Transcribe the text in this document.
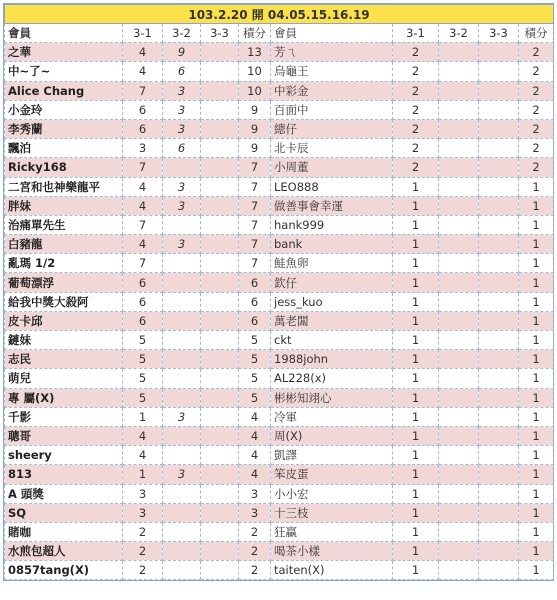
103.2.20 開 04.05.15.16.19									
會員	3-1	3-2	3-3	積分	會員	3-1	3-2	3-3	積分
之華	4	9		13	芳ㄟ	2			2
中~了~	4	6		10	烏龜王	2			2
Alice Chang	7	3		10	中彩金	2			2
小金玲	6	3		9	百面中	2			2
李秀蘭	6	3		9	總仔	2			2
飄泊	3	6		9	北卡辰	2			2
Ricky168	7			7	小周董	2			2
二宮和也神樂龍平	4	3		7	LEO888	1			1
胖妹	4	3		7	做善事會幸運	1			1
治痛單先生	7			7	hank999	1			1
白豬龍	4	3		7	bank	1			1
亂瑪 1/2	7			7	鮭魚卵	1			1
葡萄漂浮	6			6	欽仔	1			1
給我中獎大殺阿	6			6	jess_kuo	1			1
皮卡邱	6			6	萬老闆	1			1
鏈妹	5			5	ckt	1			1
志民	5			5	1988john	1			1
萌兒	5			5	AL228(x)	1			1
專 屬(X)	5			5	彬彬知翊心	1			1
千影	1	3		4	冷軍	1			1
聰哥	4			4	周(X)	1			1
sheery	4			4	凱譯	1			1
813	1	3		4	笨皮蛋	1			1
A 頭獎	3			3	小小宏	1			1
SQ	3			3	十三枝	1			1
賭咖	2			2	狂贏	1			1
水煎包超人	2			2	喝茶小樣	1			1
0857tang(X)	2			2	taiten(X)	1			1
